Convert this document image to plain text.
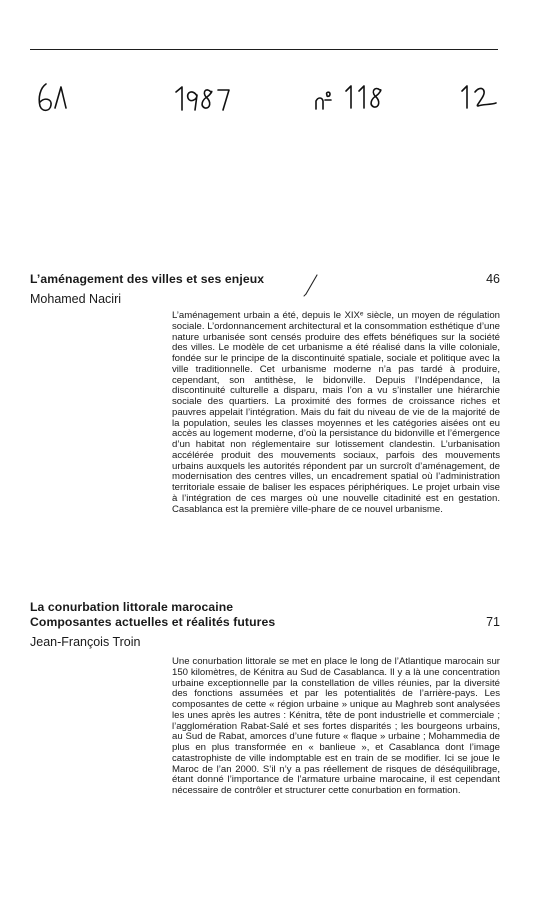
L’aménagement des villes et ses enjeux	46

Mohamed Naciri

L’aménagement urbain a été, depuis le XIXᵉ siècle, un moyen de régulation sociale. L’ordonnancement architectural et la consommation esthétique d’une nature urbanisée sont censés produire des effets bénéfiques sur la société des villes. Le modèle de cet urbanisme a été réalisé dans la ville coloniale, fondée sur le principe de la discontinuité spatiale, sociale et politique avec la ville traditionnelle. Cet urbanisme moderne n’a pas tardé à produire, cependant, son antithèse, le bidonville. Depuis l’Indépendance, la discontinuité culturelle a disparu, mais l’on a vu s’installer une hiérarchie sociale des quartiers. La proximité des formes de croissance riches et pauvres appelait l’intégration. Mais du fait du niveau de vie de la majorité de la population, seules les classes moyennes et les catégories aisées ont eu accès au logement moderne, d’où la persistance du bidonville et l’émergence d’un habitat non réglementaire sur lotissement clandestin. L’urbanisation accélérée produit des mouvements sociaux, parfois des mouvements urbains auxquels les autorités répondent par un surcroît d’aménagement, de modernisation des centres villes, un encadrement spatial où l’administration territoriale essaie de baliser les espaces périphériques. Le projet urbain vise à l’intégration de ces marges où une nouvelle citadinité est en gestation. Casablanca est la première ville-phare de ce nouvel urbanisme.

La conurbation littorale marocaine
Composantes actuelles et réalités futures	71

Jean-François Troin

Une conurbation littorale se met en place le long de l’Atlantique marocain sur 150 kilomètres, de Kénitra au Sud de Casablanca. Il y a là une concentration urbaine exceptionnelle par la constellation de villes réunies, par la diversité des fonctions assumées et par les potentialités de l’arrière-pays. Les composantes de cette « région urbaine » unique au Maghreb sont analysées les unes après les autres : Kénitra, tête de pont industrielle et commerciale ; l’agglomération Rabat-Salé et ses fortes disparités ; les bourgeons urbains, au Sud de Rabat, amorces d’une future « flaque » urbaine ; Mohammedia de plus en plus transformée en « banlieue », et Casablanca dont l’image catastrophiste de ville indomptable est en train de se modifier. Ici se joue le Maroc de l’an 2000. S’il n’y a pas réellement de risques de déséquilibrage, étant donné l’importance de l’armature urbaine marocaine, il est cependant nécessaire de contrôler et structurer cette conurbation en formation.
